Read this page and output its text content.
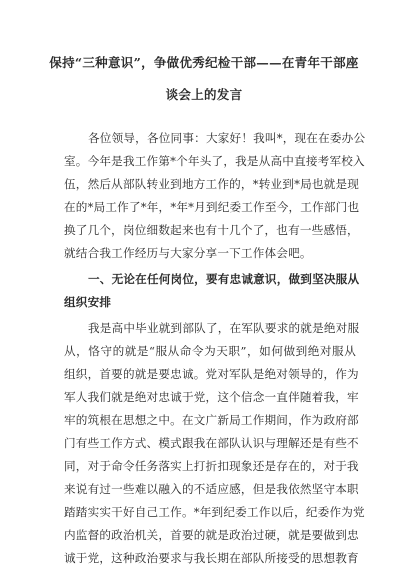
保持“三种意识”，争做优秀纪检干部——在青年干部座
谈会上的发言
各位领导，各位同事：大家好！我叫*，现在在委办公
室。今年是我工作第*个年头了，我是从高中直接考军校入
伍，然后从部队转业到地方工作的，*转业到*局也就是现
在的*局工作了*年，*年*月到纪委工作至今，工作部门也
换了几个，岗位细数起来也有十几个了，也有一些感悟，
就结合我工作经历与大家分享一下工作体会吧。
一、无论在任何岗位，要有忠诚意识，做到坚决服从
组织安排
我是高中毕业就到部队了，在军队要求的就是绝对服
从，恪守的就是“服从命令为天职”，如何做到绝对服从
组织，首要的就是要忠诚。党对军队是绝对领导的，作为
军人我们就是绝对忠诚于党，这个信念一直伴随着我，牢
牢的筑根在思想之中。在文广新局工作期间，作为政府部
门有些工作方式、模式跟我在部队认识与理解还是有些不
同，对于命令任务落实上打折扣现象还是存在的，对于我
来说有过一些难以融入的不适应感，但是我依然坚守本职
踏踏实实干好自己工作。*年到纪委工作以后，纪委作为党
内监督的政治机关，首要的就是政治过硬，就是要做到忠
诚于党，这种政治要求与我长期在部队所接受的思想教育
